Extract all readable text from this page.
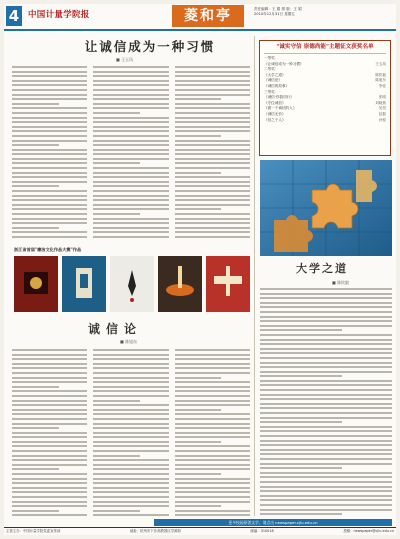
4	中国计量学院报	菱和亭	责任编辑：王 娟 排 版：王 娟
2010年12月31日 星期五
让诚信成为一种习惯
■ 王玉凤
"诚实守信 崇德尚能"主题征文获奖名单
一等奖：
《让诚信成为一种习惯》	王玉凤
二等奖：
《大学之道》	陈钦毅
《诚信论》	陈旭东
《诚信的故事》	李佳
三等奖：
《诚信·你我同行》	张明
《守住诚信》	刘晓燕
《做一个诚信的人》	吴昊
《诚信无价》	赵磊
《信之于人》	孙悦
大学之道
■ 陈钦毅
浙江省首届"廉洁文化作品大赛"作品
诚信论
■ 陈旭东
更多校园原创文学，请点击 newspaper.cjlu.edu.cn
主管主办：中国计量学院党委宣传部	地址：杭州市下沙高教园区学源街	邮编：310018	投稿：newspaper@cjlu.edu.cn
